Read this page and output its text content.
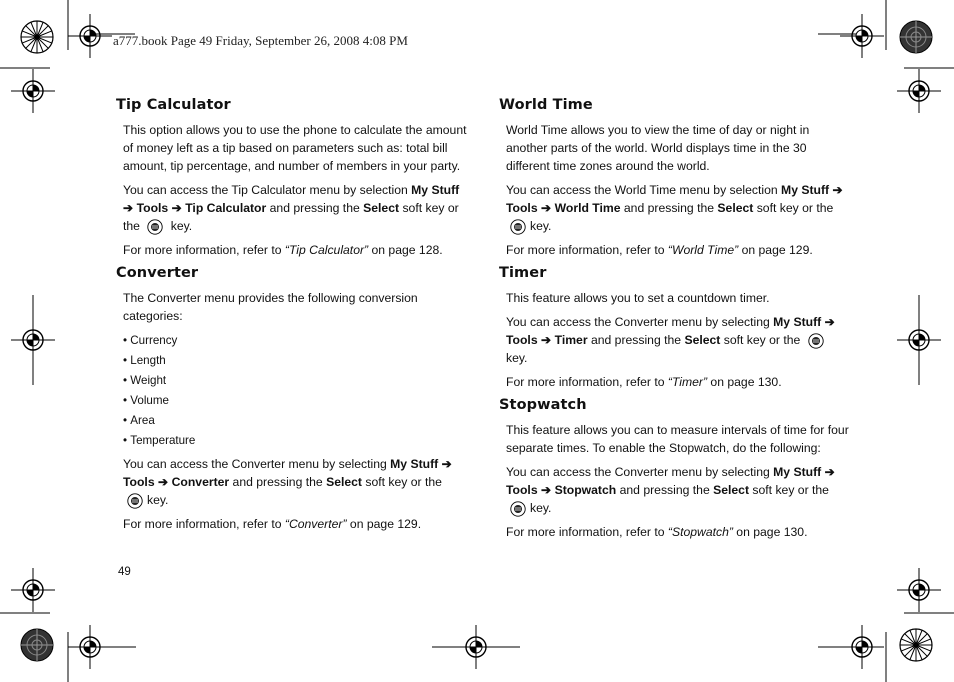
a777.book Page 49 Friday, September 26, 2008 4:08 PM
Tip Calculator

This option allows you to use the phone to calculate the amount of money left as a tip based on parameters such as: total bill amount, tip percentage, and number of members in your party.

You can access the Tip Calculator menu by selection My Stuff ➔ Tools ➔ Tip Calculator and pressing the Select soft key or the  key.

For more information, refer to “Tip Calculator” on page 128.

Converter

The Converter menu provides the following conversion categories:

• Currency
• Length
• Weight
• Volume
• Area
• Temperature

You can access the Converter menu by selecting My Stuff ➔ Tools ➔ Converter and pressing the Select soft key or the key.

For more information, refer to “Converter” on page 129.

World Time

World Time allows you to view the time of day or night in another parts of the world. World displays time in the 30 different time zones around the world.

You can access the World Time menu by selection My Stuff ➔ Tools ➔ World Time and pressing the Select soft key or the key.

For more information, refer to “World Time” on page 129.

Timer

This feature allows you to set a countdown timer.

You can access the Converter menu by selecting My Stuff ➔ Tools ➔ Timer and pressing the Select soft key or the  key.

For more information, refer to “Timer” on page 130.

Stopwatch

This feature allows you can to measure intervals of time for four separate times. To enable the Stopwatch, do the following:

You can access the Converter menu by selecting My Stuff ➔ Tools ➔ Stopwatch and pressing the Select soft key or the key.

For more information, refer to “Stopwatch” on page 130.

49
